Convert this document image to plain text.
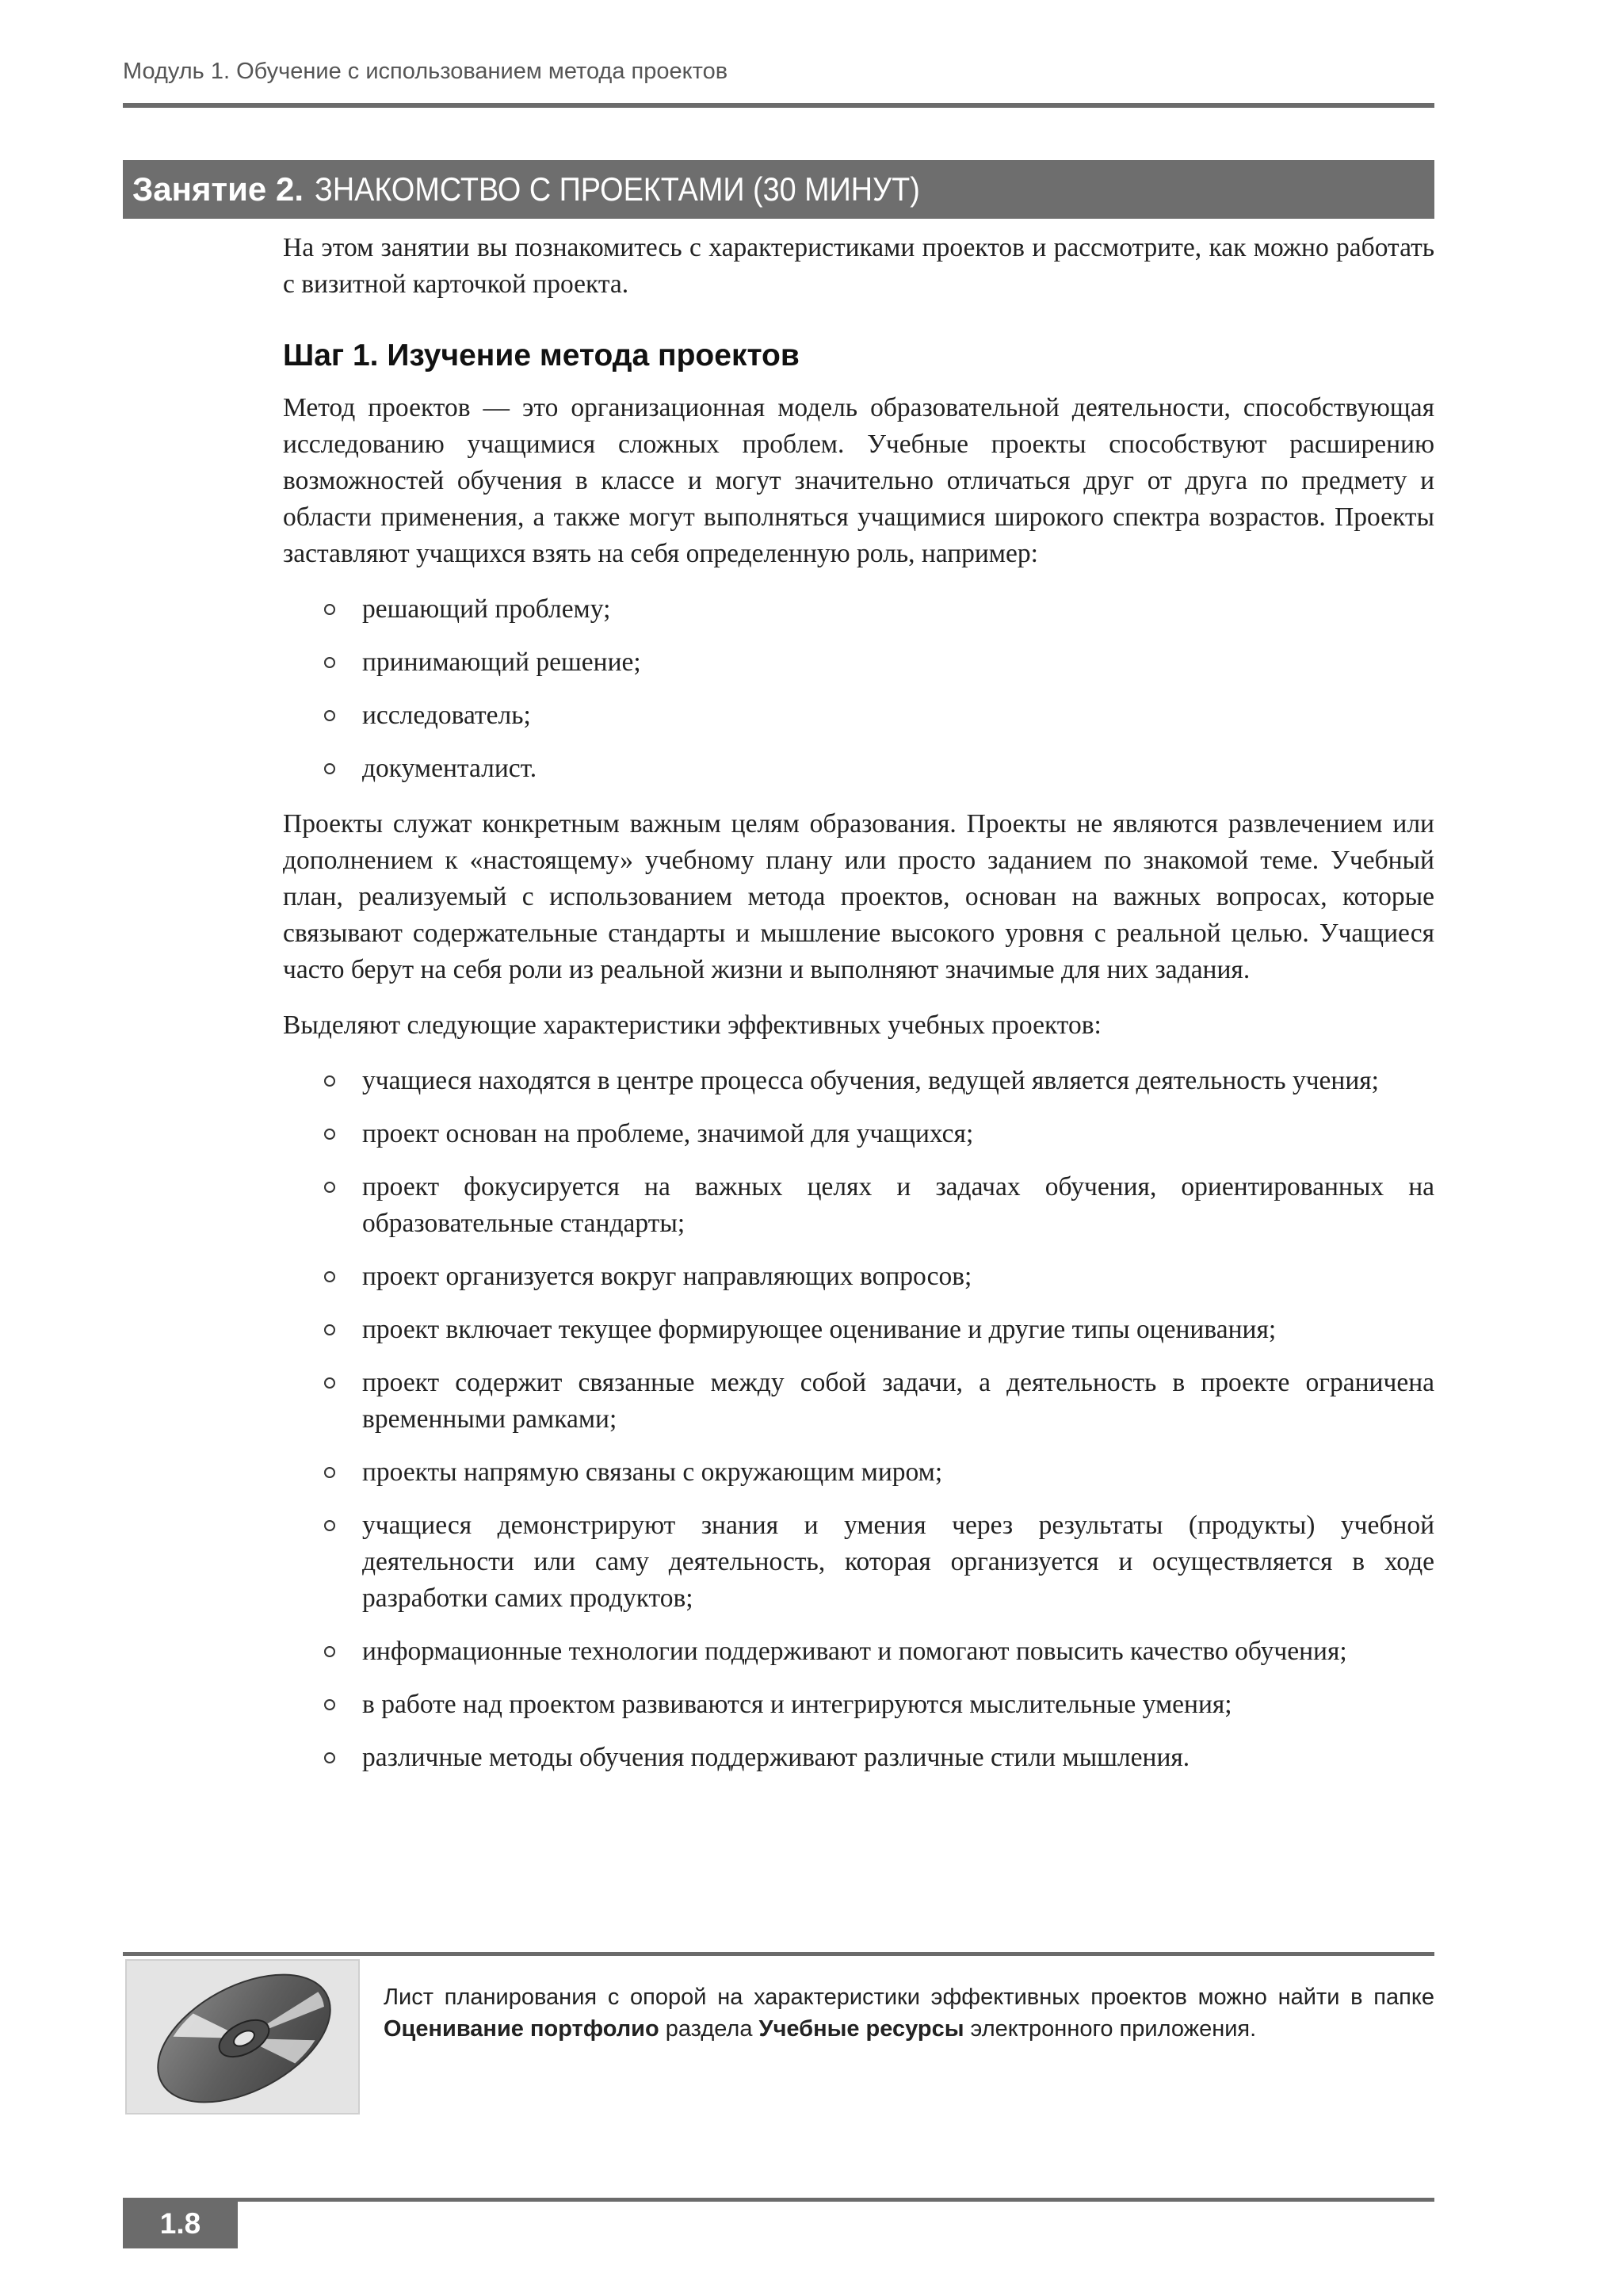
Модуль 1. Обучение с использованием метода проектов
Занятие 2. ЗНАКОМСТВО С ПРОЕКТАМИ (30 МИНУТ)

На этом занятии вы познакомитесь с характеристиками проектов и рассмотрите, как можно работать с визитной карточкой проекта.

Шаг 1. Изучение метода проектов

Метод проектов — это организационная модель образовательной деятельности, способствующая исследованию учащимися сложных проблем. Учебные проекты способствуют расширению возможностей обучения в классе и могут значительно отличаться друг от друга по предмету и области применения, а также могут выполняться учащимися широкого спектра возрастов. Проекты заставляют учащихся взять на себя определенную роль, например:

решающий проблему;
принимающий решение;
исследователь;
документалист.

Проекты служат конкретным важным целям образования. Проекты не являются развлечением или дополнением к «настоящему» учебному плану или просто заданием по знакомой теме. Учебный план, реализуемый с использованием метода проектов, основан на важных вопросах, которые связывают содержательные стандарты и мышление высокого уровня с реальной целью. Учащиеся часто берут на себя роли из реальной жизни и выполняют значимые для них задания.

Выделяют следующие характеристики эффективных учебных проектов:

учащиеся находятся в центре процесса обучения, ведущей является деятельность учения;
проект основан на проблеме, значимой для учащихся;
проект фокусируется на важных целях и задачах обучения, ориентированных на образовательные стандарты;
проект организуется вокруг направляющих вопросов;
проект включает текущее формирующее оценивание и другие типы оценивания;
проект содержит связанные между собой задачи, а деятельность в проекте ограничена временными рамками;
проекты напрямую связаны с окружающим миром;
учащиеся демонстрируют знания и умения через результаты (продукты) учебной деятельности или саму деятельность, которая организуется и осуществляется в ходе разработки самих продуктов;
информационные технологии поддерживают и помогают повысить качество обучения;
в работе над проектом развиваются и интегрируются мыслительные умения;
различные методы обучения поддерживают различные стили мышления.
Лист планирования с опорой на характеристики эффективных проектов можно найти в папке Оценивание портфолио раздела Учебные ресурсы электронного приложения.
1.8
